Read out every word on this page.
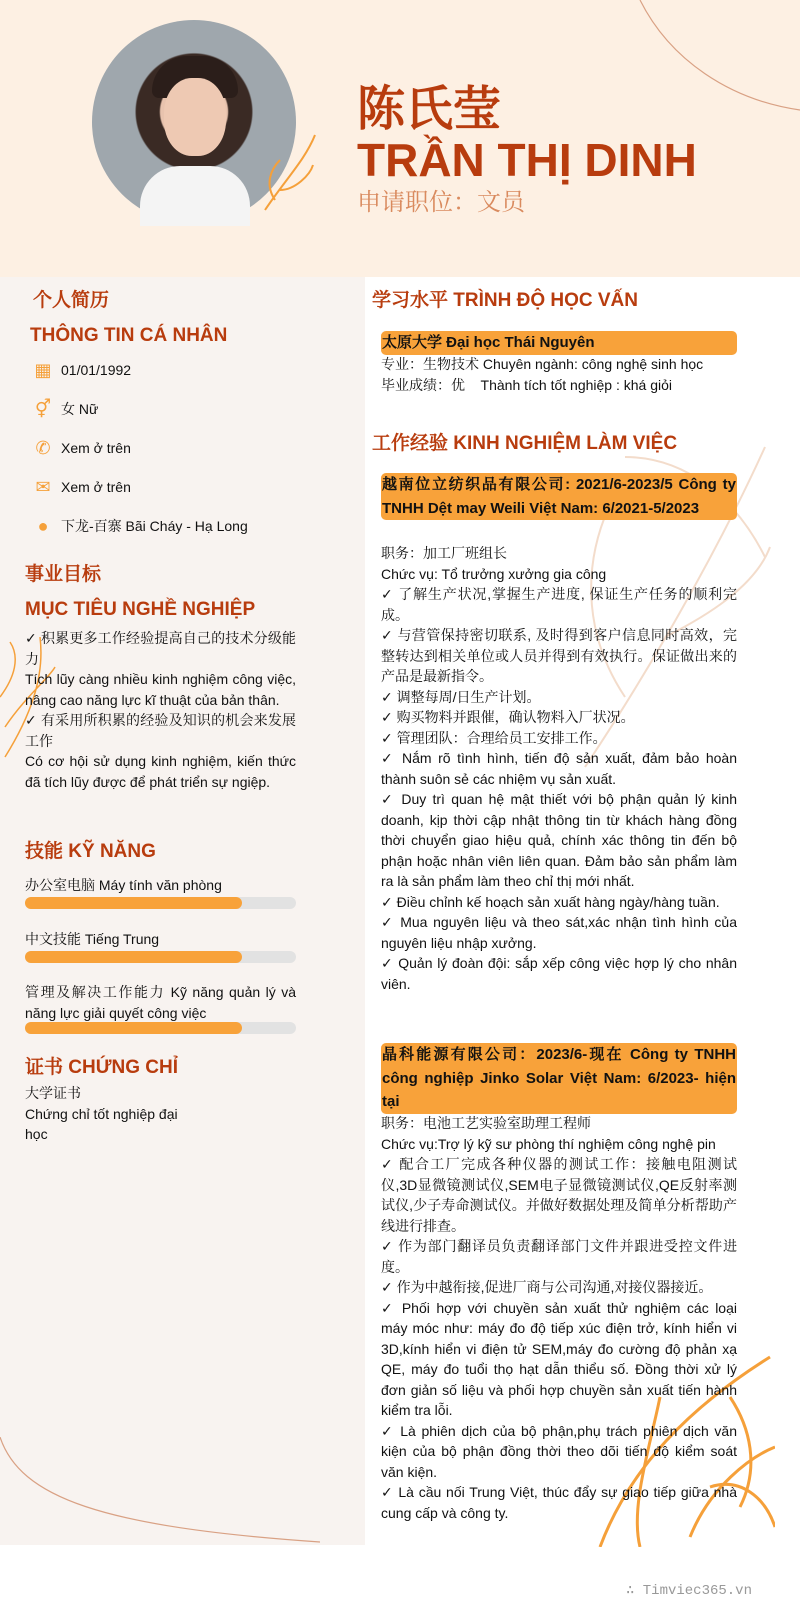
陈氏莹
TRẦN THỊ DINH
申请职位：文员
个人简历
THÔNG TIN CÁ NHÂN
▦ 01/01/1992
⚥ 女 Nữ
✆ Xem ở trên
✉ Xem ở trên
● 下龙-百寨 Bãi Cháy - Hạ Long
事业目标
MỤC TIÊU NGHỀ NGHIỆP
✓ 积累更多工作经验提高自己的技术分级能力
Tích lũy càng nhiều kinh nghiệm công việc, nâng cao năng lực kĩ thuật của bản thân.
✓ 有采用所积累的经验及知识的机会来发展工作
Có cơ hội sử dụng kinh nghiệm, kiến thức đã tích lũy được để phát triển sự ngiệp.
技能 KỸ NĂNG
办公室电脑 Máy tính văn phòng
中文技能 Tiếng Trung
管理及解决工作能力 Kỹ năng quản lý và năng lực giải quyết công việc
证书 CHỨNG CHỈ
大学证书
Chứng chỉ tốt nghiệp đại học
学习水平 TRÌNH ĐỘ HỌC VẤN
太原大学 Đại học Thái Nguyên
专业：生物技术 Chuyên ngành: công nghệ sinh học
毕业成绩：优    Thành tích tốt nghiệp : khá giỏi
工作经验 KINH NGHIỆM LÀM VIỆC
越南位立纺织品有限公司: 2021/6-2023/5 Công ty TNHH Dệt may Weili Việt Nam: 6/2021-5/2023
职务：加工厂班组长
Chức vụ: Tổ trưởng xưởng gia công
✓ 了解生产状况,掌握生产进度, 保证生产任务的顺利完成。
✓ 与营管保持密切联系, 及时得到客户信息同时高效，完整转达到相关单位或人员并得到有效执行。保证做出来的产品是最新指令。
✓ 调整每周/日生产计划。
✓ 购买物料并跟催，确认物料入厂状况。
✓ 管理团队：合理给员工安排工作。
✓ Nắm rõ tình hình, tiến độ sản xuất, đảm bảo hoàn thành suôn sẻ các nhiệm vụ sản xuất.
✓ Duy trì quan hệ mật thiết với bộ phận quản lý kinh doanh, kịp thời cập nhật thông tin từ khách hàng đồng thời chuyển giao hiệu quả, chính xác thông tin đến bộ phận hoặc nhân viên liên quan. Đảm bảo sản phẩm làm ra là sản phẩm làm theo chỉ thị mới nhất.
✓ Điều chỉnh kế hoạch sản xuất hàng ngày/hàng tuần.
✓ Mua nguyên liệu và theo sát,xác nhận tình hình của nguyên liệu nhập xưởng.
✓ Quản lý đoàn đội: sắp xếp công việc hợp lý cho nhân viên.
晶科能源有限公司：2023/6-现在 Công ty TNHH công nghiệp Jinko Solar Việt Nam: 6/2023- hiện tại
职务：电池工艺实验室助理工程师
Chức vụ:Trợ lý kỹ sư phòng thí nghiệm công nghệ pin
✓ 配合工厂完成各种仪器的测试工作：接触电阻测试仪,3D显微镜测试仪,SEM电子显微镜测试仪,QE反射率测试仪,少子寿命测试仪。并做好数据处理及简单分析帮助产线进行排查。
✓ 作为部门翻译员负责翻译部门文件并跟进受控文件进度。
✓ 作为中越衔接,促进厂商与公司沟通,对接仪器接近。
✓ Phối hợp với chuyền sản xuất thử nghiệm các loại máy móc như: máy đo độ tiếp xúc điện trở, kính hiển vi 3D,kính hiển vi điện tử SEM,máy đo cường độ phản xạ QE, máy đo tuổi thọ hạt dẫn thiểu số. Đồng thời xử lý đơn giản số liệu và phối hợp chuyền sản xuất tiến hành kiểm tra lỗi.
✓ Là phiên dịch của bộ phận,phụ trách phiên dịch văn kiện của bộ phận đồng thời theo dõi tiến độ kiểm soát văn kiện.
✓ Là cầu nối Trung Việt, thúc đẩy sự giao tiếp giữa nhà cung cấp và công ty.
∴ Timviec365.vn
